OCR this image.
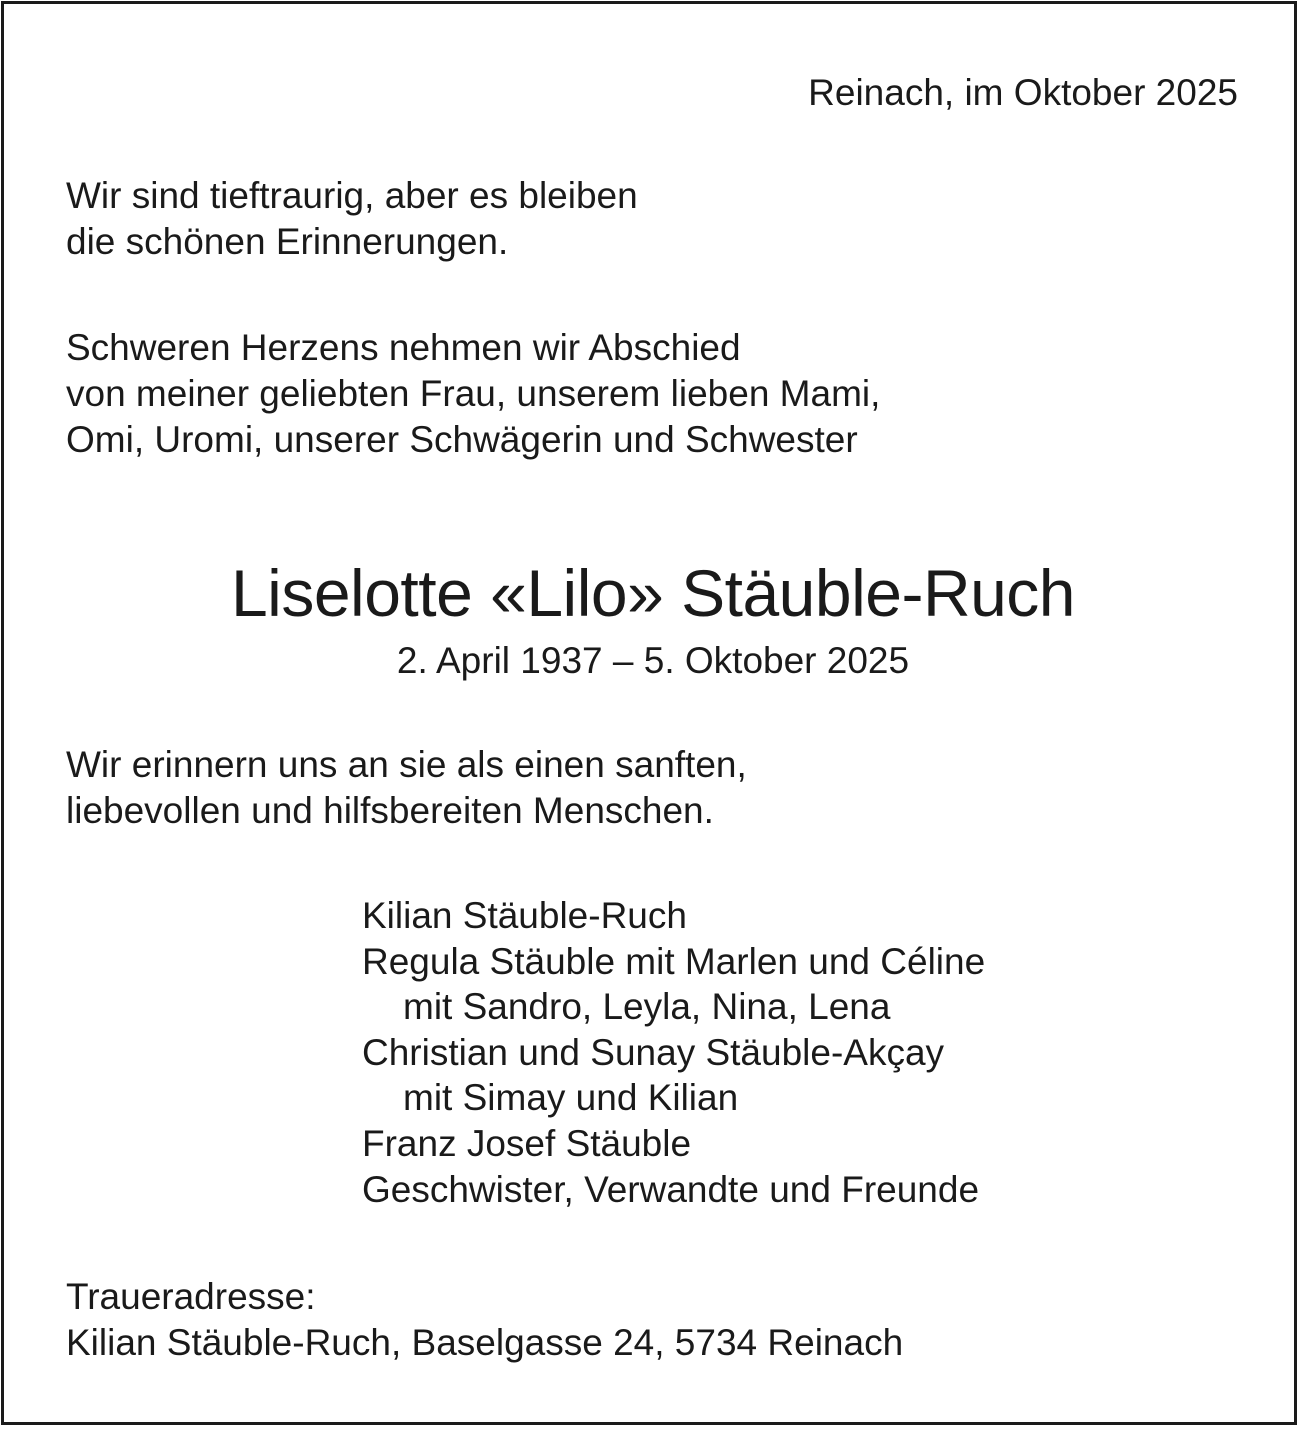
Reinach, im Oktober 2025
Wir sind tieftraurig, aber es bleiben
die schönen Erinnerungen.
Schweren Herzens nehmen wir Abschied
von meiner geliebten Frau, unserem lieben Mami,
Omi, Uromi, unserer Schwägerin und Schwester
Liselotte «Lilo» Stäuble-Ruch
2. April 1937 – 5. Oktober 2025
Wir erinnern uns an sie als einen sanften,
liebevollen und hilfsbereiten Menschen.
Kilian Stäuble-Ruch
Regula Stäuble mit Marlen und Céline
mit Sandro, Leyla, Nina, Lena
Christian und Sunay Stäuble-Akçay
mit Simay und Kilian
Franz Josef Stäuble
Geschwister, Verwandte und Freunde
Traueradresse:
Kilian Stäuble-Ruch, Baselgasse 24, 5734 Reinach
